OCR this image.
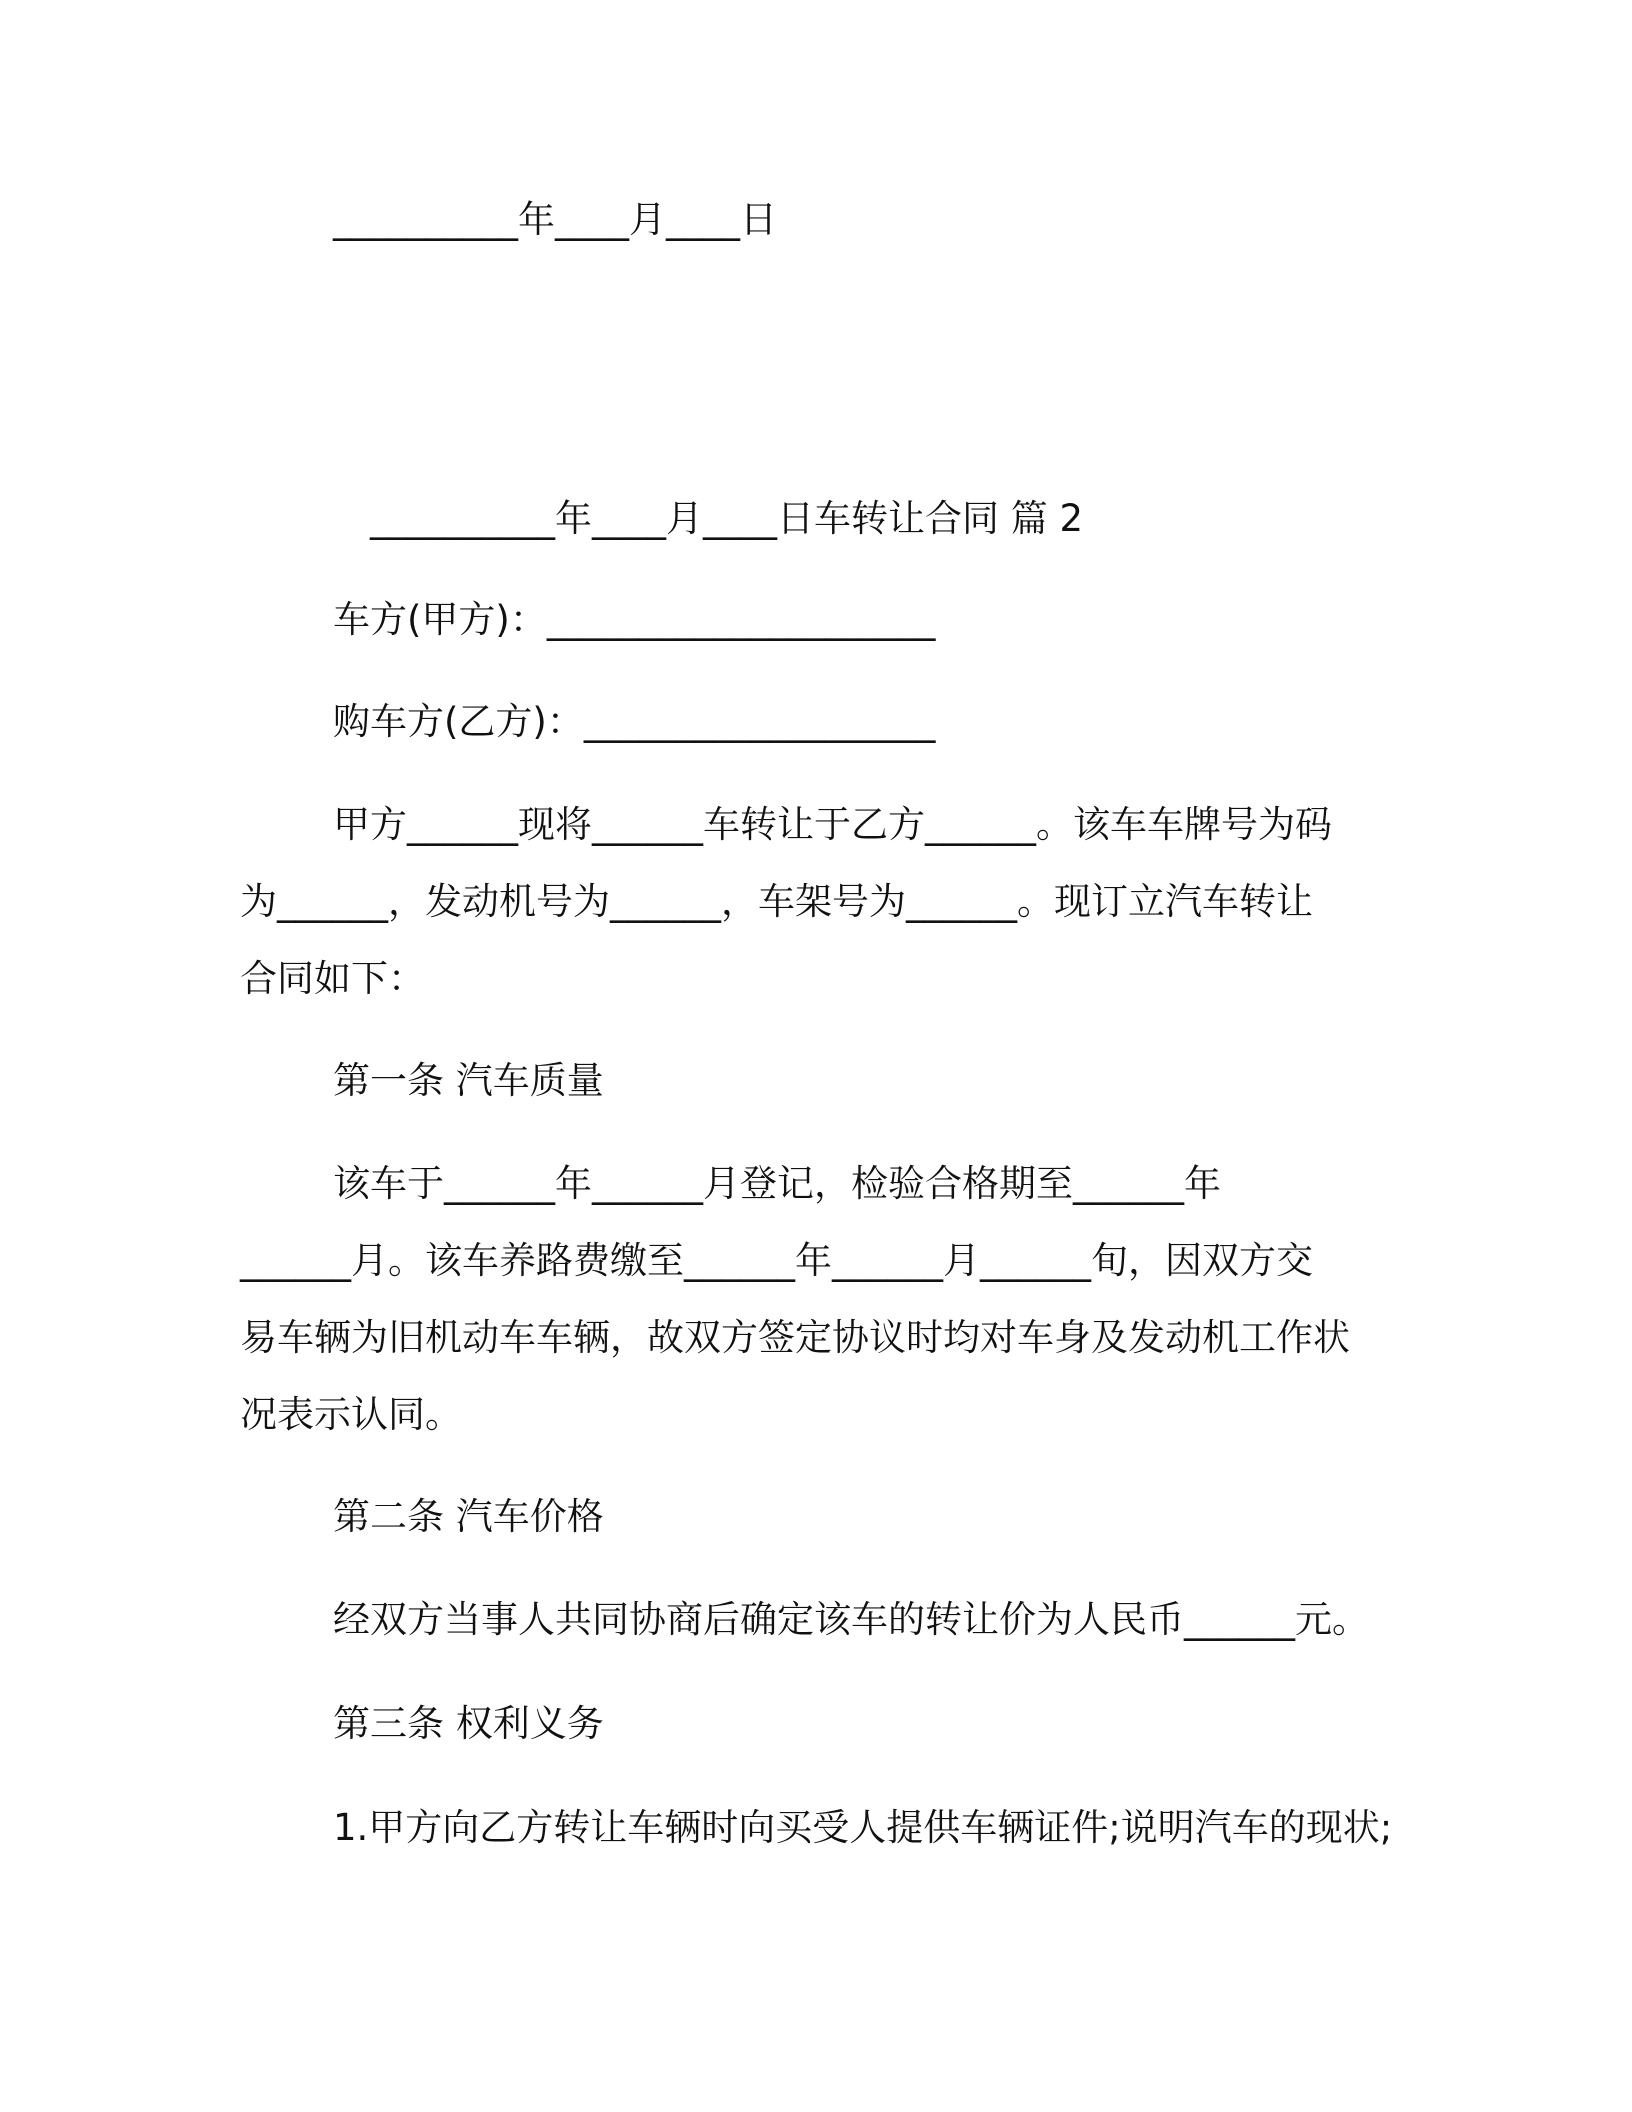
__________年____月____日
__________年____月____日车转让合同 篇 2
车方(甲方)：_____________________
购车方(乙方)：___________________
甲方______现将______车转让于乙方______。该车车牌号为码
为______，发动机号为______，车架号为______。现订立汽车转让
合同如下：
第一条 汽车质量
该车于______年______月登记，检验合格期至______年
______月。该车养路费缴至______年______月______旬，因双方交
易车辆为旧机动车车辆，故双方签定协议时均对车身及发动机工作状
况表示认同。
第二条 汽车价格
经双方当事人共同协商后确定该车的转让价为人民币______元。
第三条 权利义务
1.甲方向乙方转让车辆时向买受人提供车辆证件;说明汽车的现状;
